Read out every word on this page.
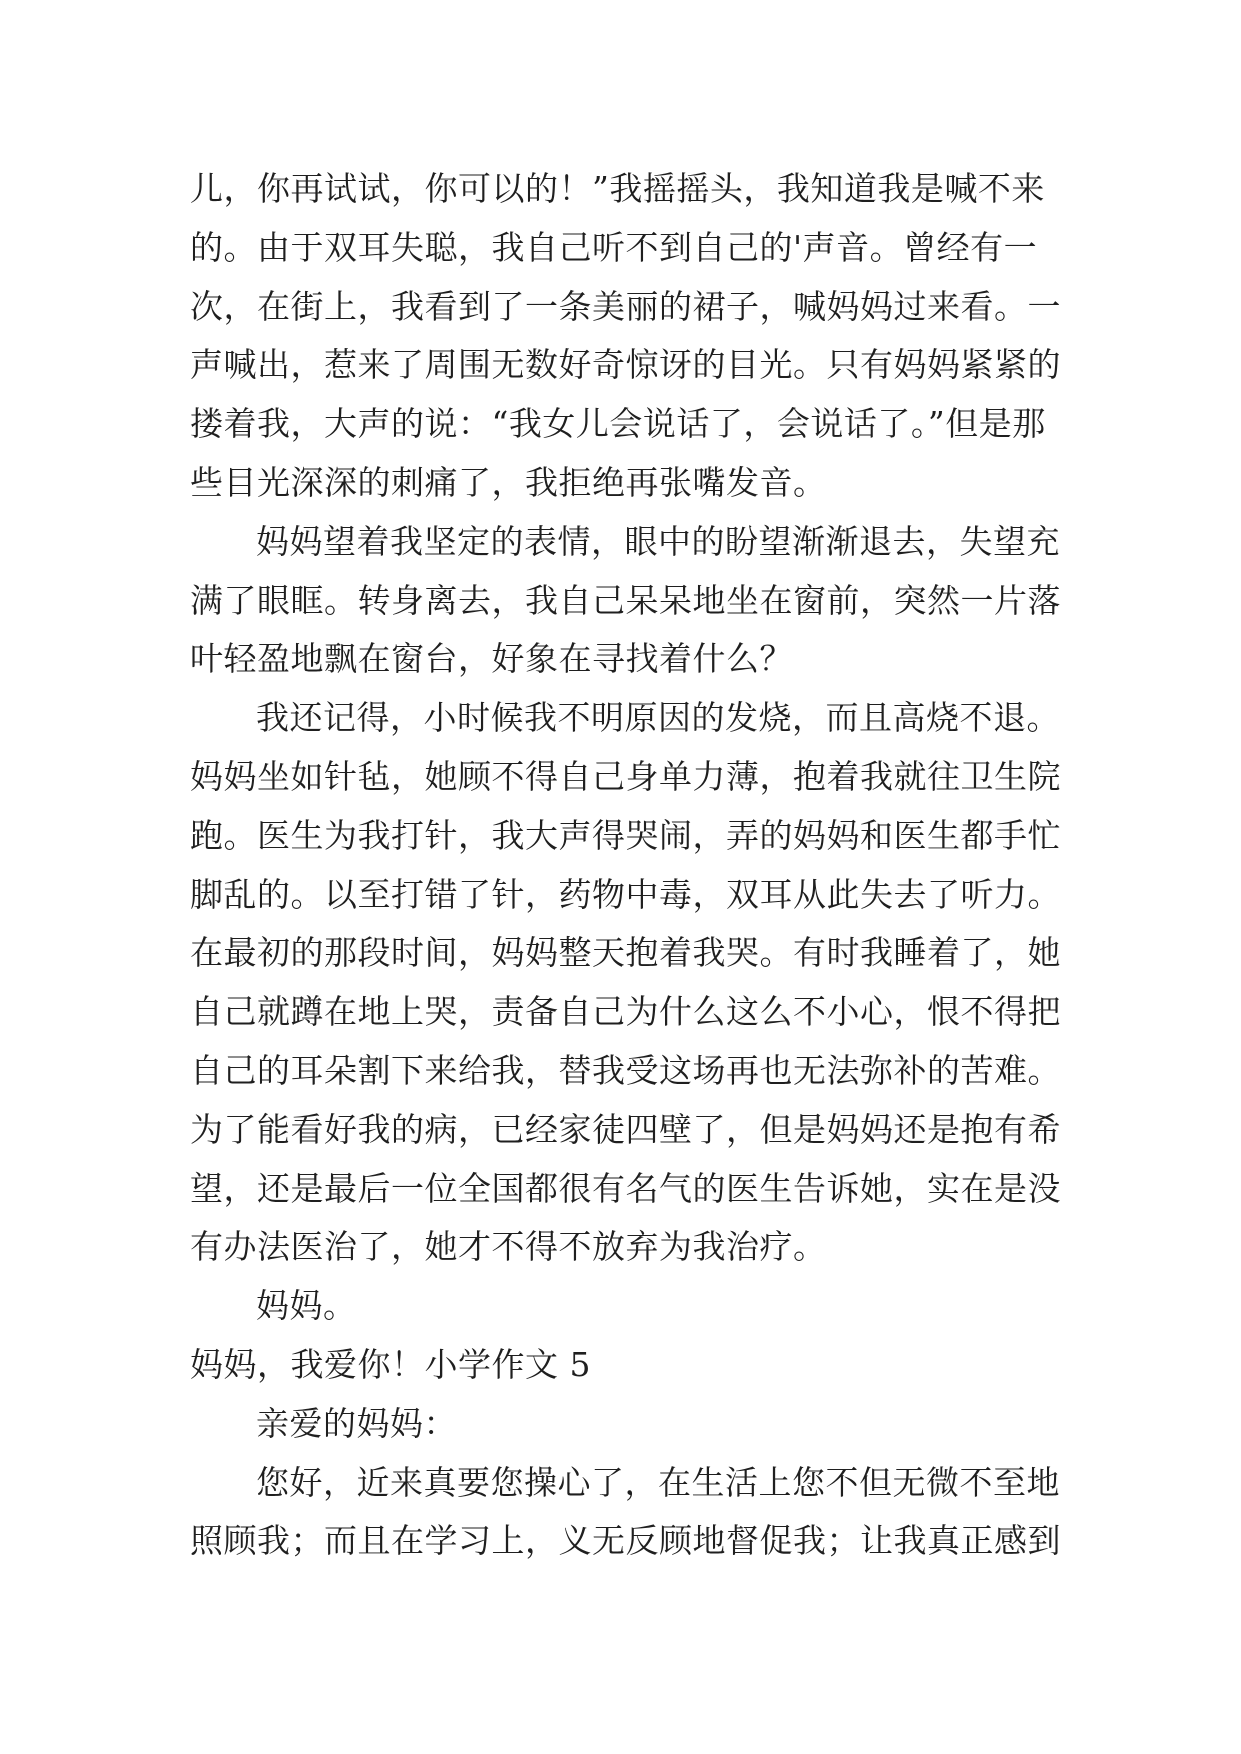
儿，你再试试，你可以的！”我摇摇头，我知道我是喊不来
的。由于双耳失聪，我自己听不到自己的'声音。曾经有一
次，在街上，我看到了一条美丽的裙子，喊妈妈过来看。一
声喊出，惹来了周围无数好奇惊讶的目光。只有妈妈紧紧的
搂着我，大声的说：“我女儿会说话了，会说话了。”但是那
些目光深深的刺痛了，我拒绝再张嘴发音。
妈妈望着我坚定的表情，眼中的盼望渐渐退去，失望充
满了眼眶。转身离去，我自己呆呆地坐在窗前，突然一片落
叶轻盈地飘在窗台，好象在寻找着什么？
我还记得，小时候我不明原因的发烧，而且高烧不退。
妈妈坐如针毡，她顾不得自己身单力薄，抱着我就往卫生院
跑。医生为我打针，我大声得哭闹，弄的妈妈和医生都手忙
脚乱的。以至打错了针，药物中毒，双耳从此失去了听力。
在最初的那段时间，妈妈整天抱着我哭。有时我睡着了，她
自己就蹲在地上哭，责备自己为什么这么不小心，恨不得把
自己的耳朵割下来给我，替我受这场再也无法弥补的苦难。
为了能看好我的病，已经家徒四壁了，但是妈妈还是抱有希
望，还是最后一位全国都很有名气的医生告诉她，实在是没
有办法医治了，她才不得不放弃为我治疗。
妈妈。
妈妈，我爱你！小学作文 5
亲爱的妈妈：
您好，近来真要您操心了，在生活上您不但无微不至地
照顾我；而且在学习上，义无反顾地督促我；让我真正感到
